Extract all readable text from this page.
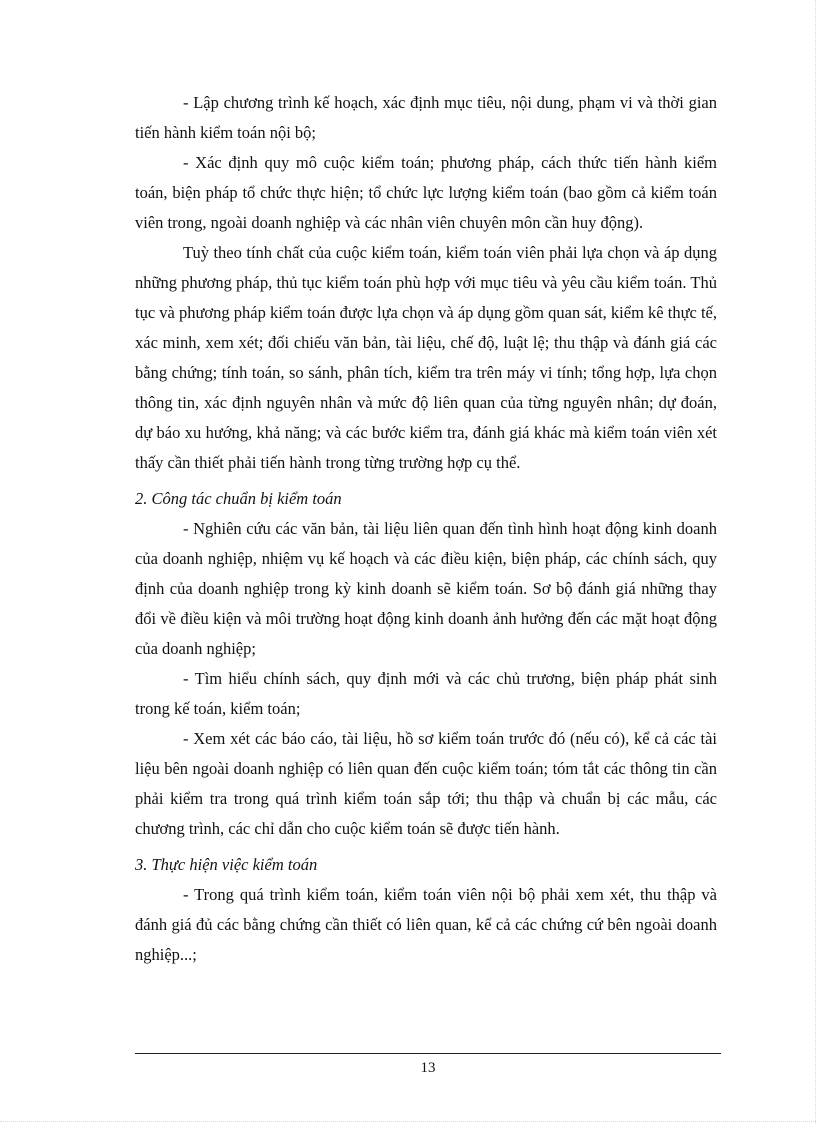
- Lập chương trình kế hoạch, xác định mục tiêu, nội dung, phạm vi và thời gian tiến hành kiểm toán nội bộ;

- Xác định quy mô cuộc kiểm toán; phương pháp, cách thức tiến hành kiểm toán, biện pháp tổ chức thực hiện; tổ chức lực lượng kiểm toán (bao gồm cả kiểm toán viên trong, ngoài doanh nghiệp và các nhân viên chuyên môn cần huy động).

Tuỳ theo tính chất của cuộc kiểm toán, kiểm toán viên phải lựa chọn và áp dụng những phương pháp, thủ tục kiểm toán phù hợp với mục tiêu và yêu cầu kiểm toán. Thủ tục và phương pháp kiểm toán được lựa chọn và áp dụng gồm quan sát, kiểm kê thực tế, xác minh, xem xét; đối chiếu văn bản, tài liệu, chế độ, luật lệ; thu thập và đánh giá các bằng chứng; tính toán, so sánh, phân tích, kiểm tra trên máy vi tính; tổng hợp, lựa chọn thông tin, xác định nguyên nhân và mức độ liên quan của từng nguyên nhân; dự đoán, dự báo xu hướng, khả năng; và các bước kiểm tra, đánh giá khác mà kiểm toán viên xét thấy cần thiết phải tiến hành trong từng trường hợp cụ thể.

2. Công tác chuẩn bị kiểm toán

- Nghiên cứu các văn bản, tài liệu liên quan đến tình hình hoạt động kinh doanh của doanh nghiệp, nhiệm vụ kế hoạch và các điều kiện, biện pháp, các chính sách, quy định của doanh nghiệp trong kỳ kinh doanh sẽ kiểm toán. Sơ bộ đánh giá những thay đổi về điều kiện và môi trường hoạt động kinh doanh ảnh hưởng đến các mặt hoạt động của doanh nghiệp;

- Tìm hiểu chính sách, quy định mới và các chủ trương, biện pháp phát sinh trong kế toán, kiểm toán;

- Xem xét các báo cáo, tài liệu, hồ sơ kiểm toán trước đó (nếu có), kể cả các tài liệu bên ngoài doanh nghiệp có liên quan đến cuộc kiểm toán; tóm tắt các thông tin cần phải kiểm tra trong quá trình kiểm toán sắp tới; thu thập và chuẩn bị các mẫu, các chương trình, các chỉ dẫn cho cuộc kiểm toán sẽ được tiến hành.

3. Thực hiện việc kiểm toán

- Trong quá trình kiểm toán, kiểm toán viên nội bộ phải xem xét, thu thập và đánh giá đủ các bằng chứng cần thiết có liên quan, kể cả các chứng cứ bên ngoài doanh nghiệp...;

13
